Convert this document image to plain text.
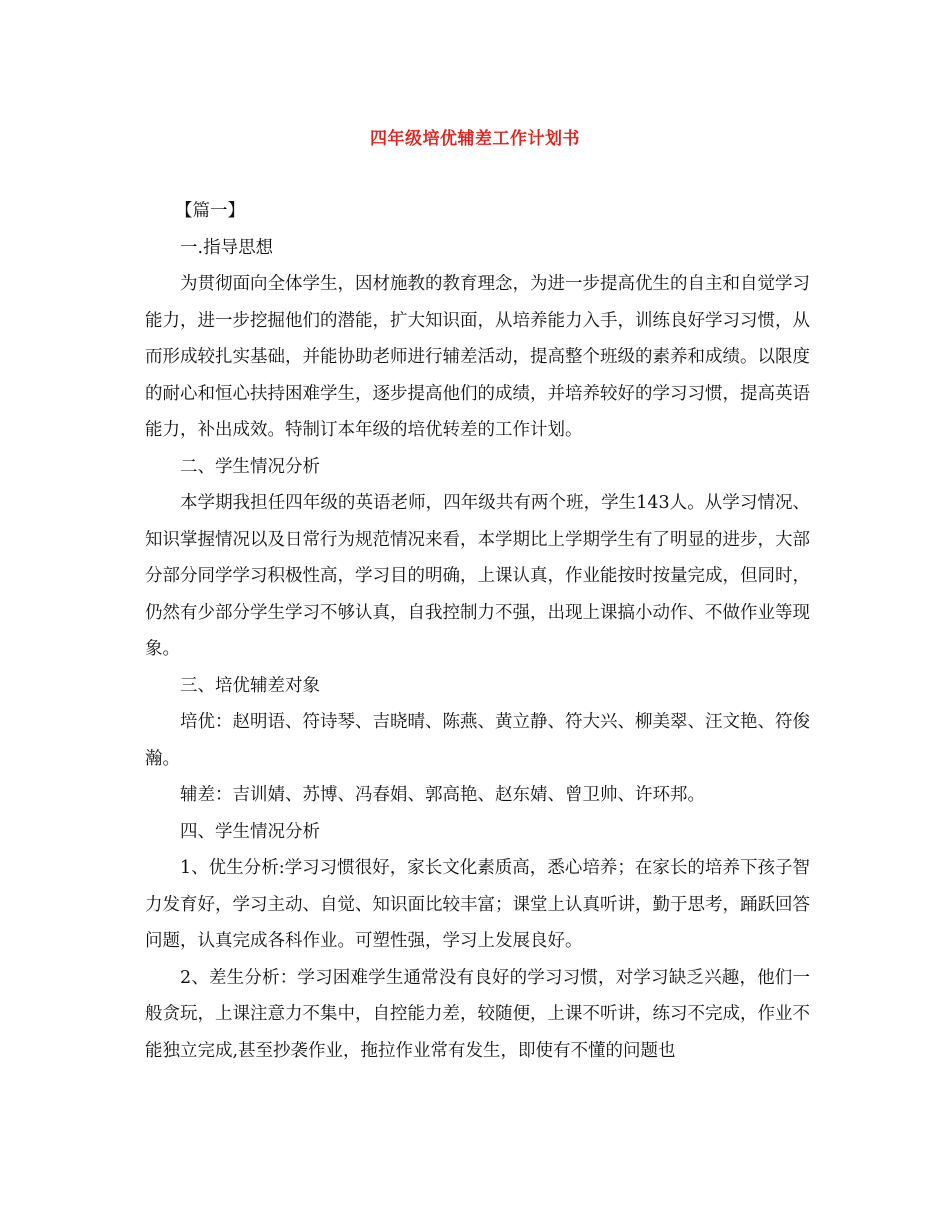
四年级培优辅差工作计划书

【篇一】

一.指导思想

为贯彻面向全体学生，因材施教的教育理念，为进一步提高优生的自主和自觉学习能力，进一步挖掘他们的潜能，扩大知识面，从培养能力入手，训练良好学习习惯，从而形成较扎实基础，并能协助老师进行辅差活动，提高整个班级的素养和成绩。以限度的耐心和恒心扶持困难学生，逐步提高他们的成绩，并培养较好的学习习惯，提高英语能力，补出成效。特制订本年级的培优转差的工作计划。

二、学生情况分析

本学期我担任四年级的英语老师，四年级共有两个班，学生143人。从学习情况、知识掌握情况以及日常行为规范情况来看，本学期比上学期学生有了明显的进步，大部分部分同学学习积极性高，学习目的明确，上课认真，作业能按时按量完成，但同时，仍然有少部分学生学习不够认真，自我控制力不强，出现上课搞小动作、不做作业等现象。

三、培优辅差对象

培优：赵明语、符诗琴、吉晓晴、陈燕、黄立静、符大兴、柳美翠、汪文艳、符俊瀚。

辅差：吉训婧、苏博、冯春娟、郭高艳、赵东婧、曾卫帅、许环邦。

四、学生情况分析

1、优生分析:学习习惯很好，家长文化素质高，悉心培养；在家长的培养下孩子智力发育好，学习主动、自觉、知识面比较丰富；课堂上认真听讲，勤于思考，踊跃回答问题，认真完成各科作业。可塑性强，学习上发展良好。

2、差生分析：学习困难学生通常没有良好的学习习惯，对学习缺乏兴趣，他们一般贪玩，上课注意力不集中，自控能力差，较随便，上课不听讲，练习不完成，作业不能独立完成,甚至抄袭作业，拖拉作业常有发生，即使有不懂的问题也
